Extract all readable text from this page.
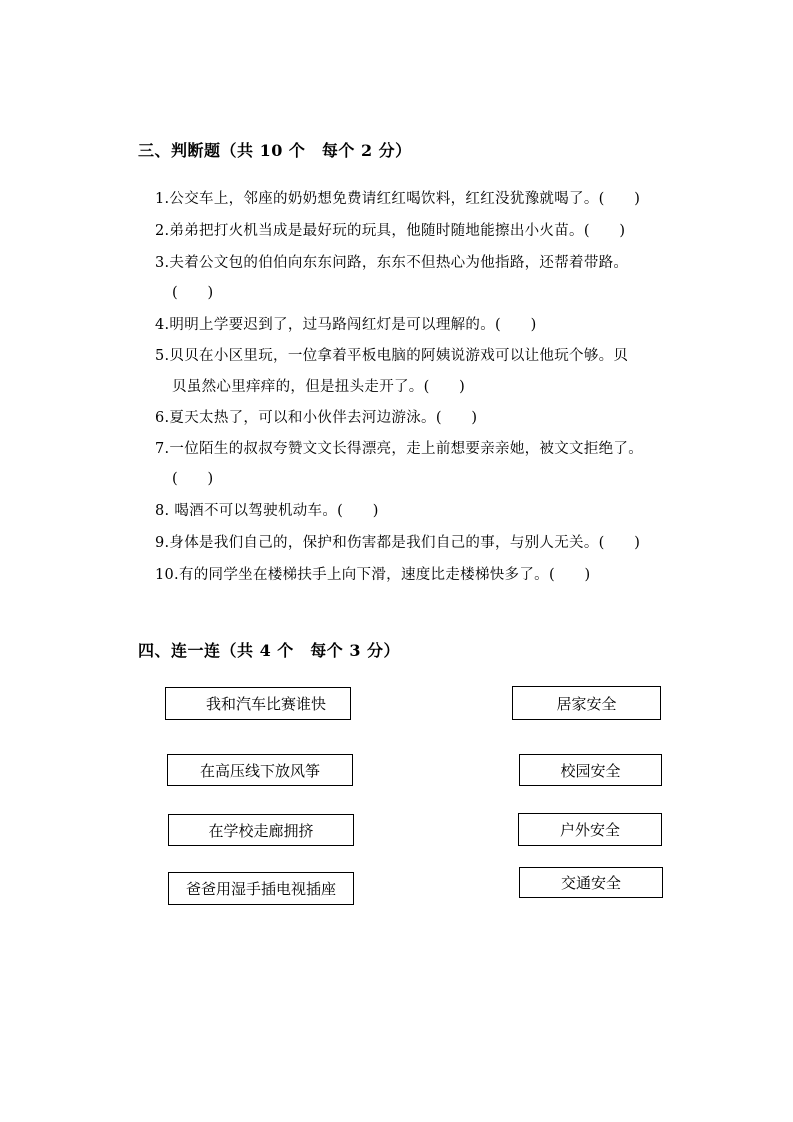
三、判断题（共 10 个　每个 2 分）
1.公交车上，邻座的奶奶想免费请红红喝饮料，红红没犹豫就喝了。(　　)
2.弟弟把打火机当成是最好玩的玩具，他随时随地能擦出小火苗。(　　)
3.夫着公文包的伯伯向东东问路，东东不但热心为他指路，还帮着带路。
(　　)
4.明明上学要迟到了，过马路闯红灯是可以理解的。(　　)
5.贝贝在小区里玩，一位拿着平板电脑的阿姨说游戏可以让他玩个够。贝
贝虽然心里痒痒的，但是扭头走开了。(　　)
6.夏天太热了，可以和小伙伴去河边游泳。(　　)
7.一位陌生的叔叔夸赞文文长得漂亮，走上前想要亲亲她，被文文拒绝了。
(　　)
8. 喝酒不可以驾驶机动车。(　　)
9.身体是我们自己的，保护和伤害都是我们自己的事，与别人无关。(　　)
10.有的同学坐在楼梯扶手上向下滑，速度比走楼梯快多了。(　　)
四、连一连（共 4 个　每个 3 分）
我和汽车比赛谁快
在高压线下放风筝
在学校走廊拥挤
爸爸用湿手插电视插座
居家安全
校园安全
户外安全
交通安全
